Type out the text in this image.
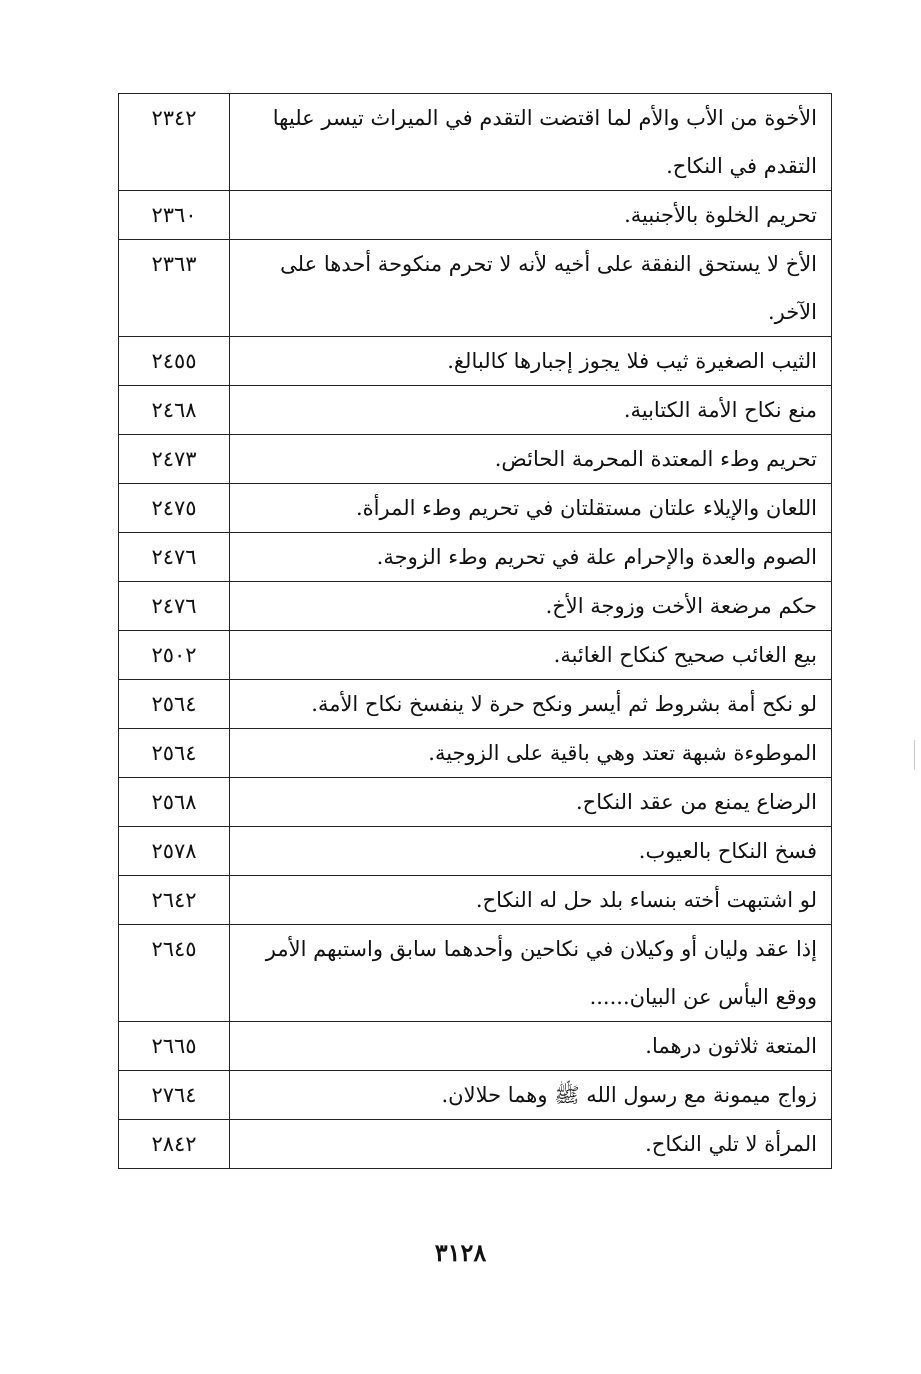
الأخوة من الأب والأم لما اقتضت التقدم في الميراث تيسر عليها التقدم في النكاح.	٢٣٤٢
تحريم الخلوة بالأجنبية.	٢٣٦٠
الأخ لا يستحق النفقة على أخيه لأنه لا تحرم منكوحة أحدها على الآخر.	٢٣٦٣
الثيب الصغيرة ثيب فلا يجوز إجبارها كالبالغ.	٢٤٥٥
منع نكاح الأمة الكتابية.	٢٤٦٨
تحريم وطء المعتدة المحرمة الحائض.	٢٤٧٣
اللعان والإيلاء علتان مستقلتان في تحريم وطء المرأة.	٢٤٧٥
الصوم والعدة والإحرام علة في تحريم وطء الزوجة.	٢٤٧٦
حكم مرضعة الأخت وزوجة الأخ.	٢٤٧٦
بيع الغائب صحيح كنكاح الغائبة.	٢٥٠٢
لو نكح أمة بشروط ثم أيسر ونكح حرة لا ينفسخ نكاح الأمة.	٢٥٦٤
الموطوءة شبهة تعتد وهي باقية على الزوجية.	٢٥٦٤
الرضاع يمنع من عقد النكاح.	٢٥٦٨
فسخ النكاح بالعيوب.	٢٥٧٨
لو اشتبهت أخته بنساء بلد حل له النكاح.	٢٦٤٢
إذا عقد وليان أو وكيلان في نكاحين وأحدهما سابق واستبهم الأمر ووقع اليأس عن البيان......	٢٦٤٥
المتعة ثلاثون درهما.	٢٦٦٥
زواج ميمونة مع رسول الله ﷺ وهما حلالان.	٢٧٦٤
المرأة لا تلي النكاح.	٢٨٤٢
٣١٢٨
